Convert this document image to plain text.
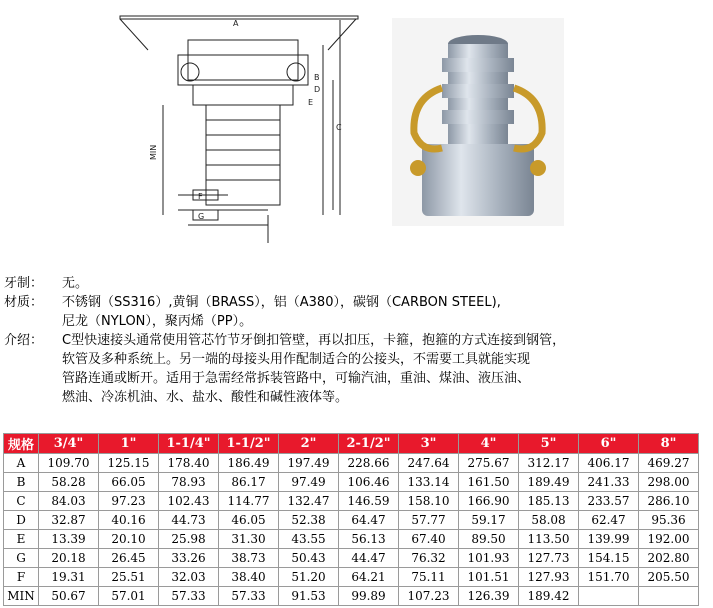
A
B
C
D
E
F
G
MIN
牙制：	无。
材质：	不锈钢（SS316）,黄铜（BRASS），铝（A380），碳钢（CARBON STEEL),
尼龙（NYLON），聚丙烯（PP）。
介绍：	C型快速接头通常使用管芯竹节牙倒扣管壁，再以扣压，卡箍，抱箍的方式连接到钢管，
软管及多种系统上。另一端的母接头用作配制适合的公接头，不需要工具就能实现
管路连通或断开。适用于急需经常拆装管路中，可输汽油，重油、煤油、液压油、
燃油、冷冻机油、水、盐水、酸性和碱性液体等。
规格	3/4"	1"	1-1/4"	1-1/2"	2"	2-1/2"	3"	4"	5"	6"	8"
A	109.70	125.15	178.40	186.49	197.49	228.66	247.64	275.67	312.17	406.17	469.27
B	58.28	66.05	78.93	86.17	97.49	106.46	133.14	161.50	189.49	241.33	298.00
C	84.03	97.23	102.43	114.77	132.47	146.59	158.10	166.90	185.13	233.57	286.10
D	32.87	40.16	44.73	46.05	52.38	64.47	57.77	59.17	58.08	62.47	95.36
E	13.39	20.10	25.98	31.30	43.55	56.13	67.40	89.50	113.50	139.99	192.00
G	20.18	26.45	33.26	38.73	50.43	44.47	76.32	101.93	127.73	154.15	202.80
F	19.31	25.51	32.03	38.40	51.20	64.21	75.11	101.51	127.93	151.70	205.50
MIN	50.67	57.01	57.33	57.33	91.53	99.89	107.23	126.39	189.42		
